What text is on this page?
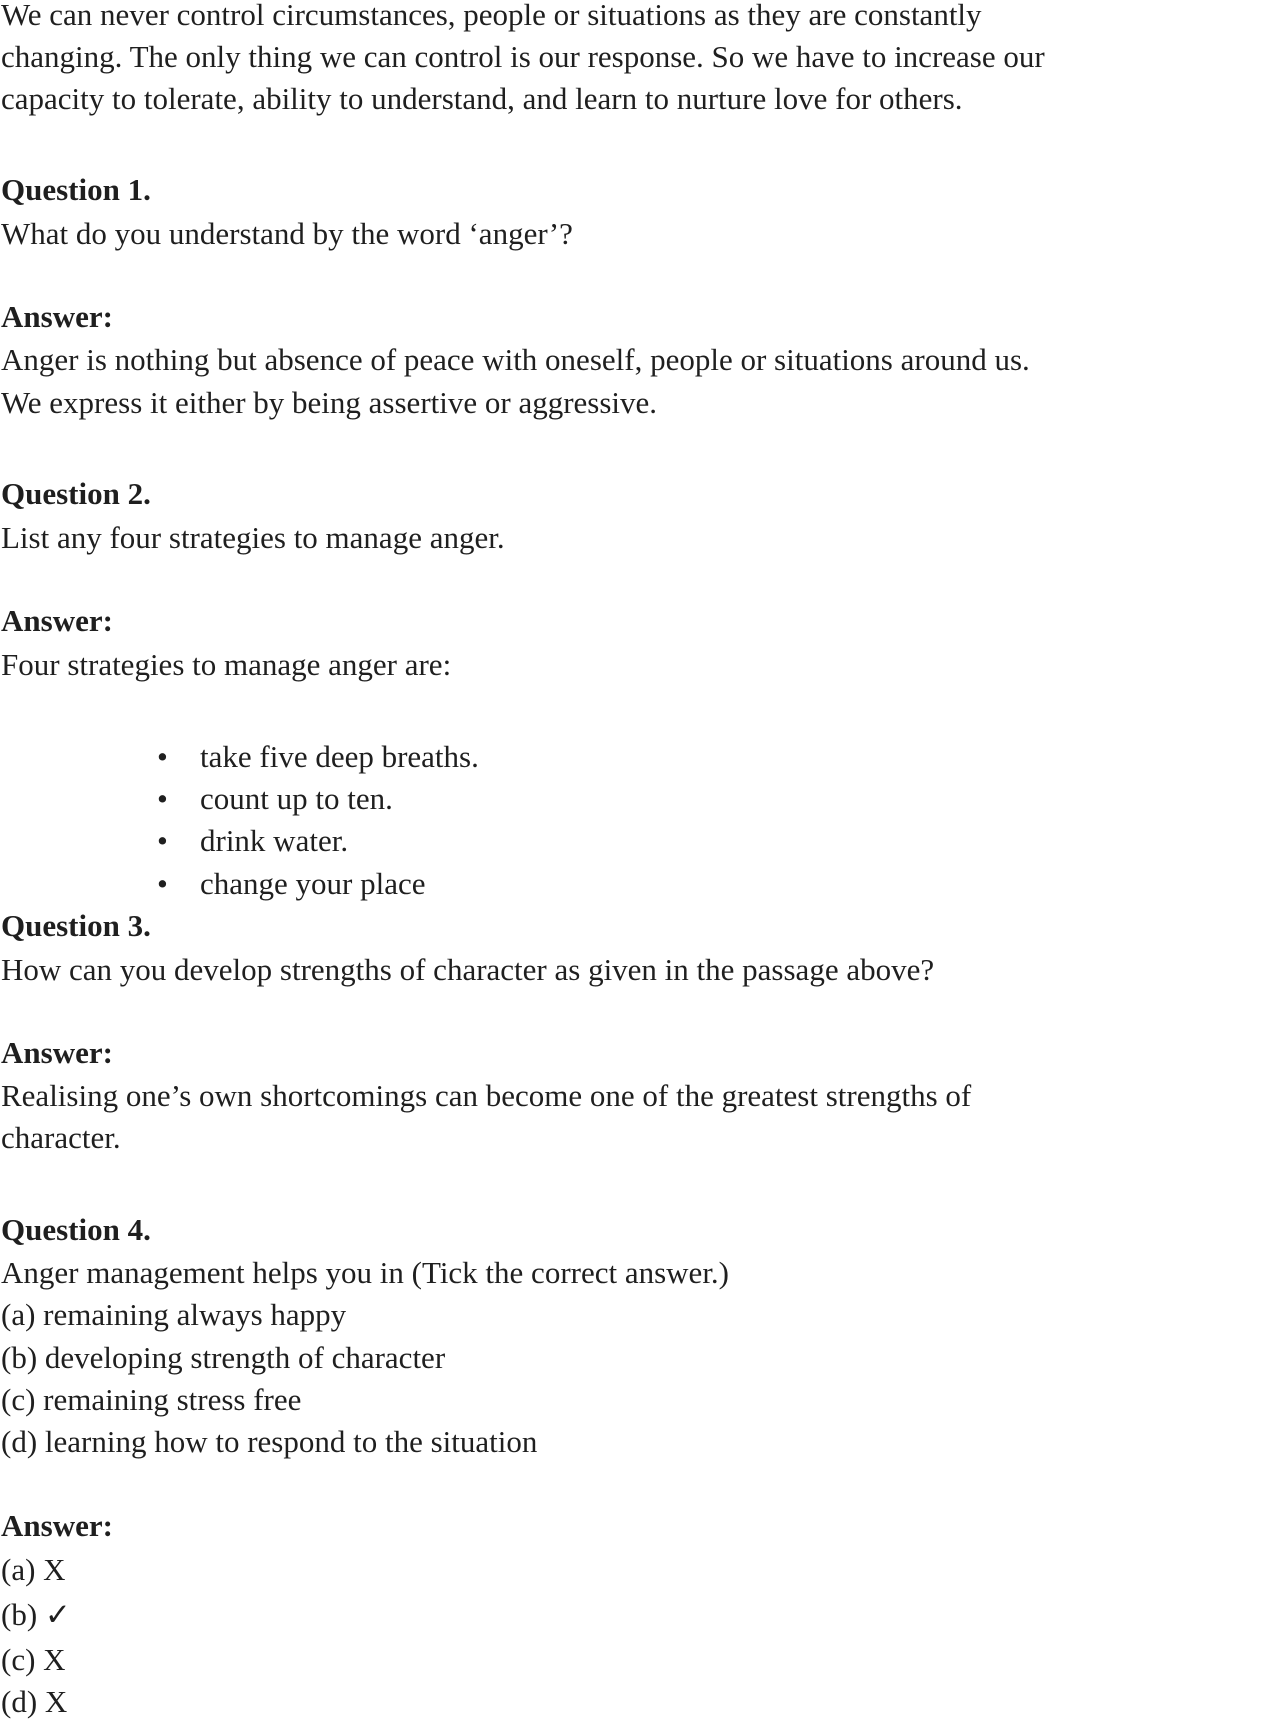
We can never control circumstances, people or situations as they are constantly
changing. The only thing we can control is our response. So we have to increase our
capacity to tolerate, ability to understand, and learn to nurture love for others.
Question 1.
What do you understand by the word ‘anger’?
Answer:
Anger is nothing but absence of peace with oneself, people or situations around us.
We express it either by being assertive or aggressive.
Question 2.
List any four strategies to manage anger.
Answer:
Four strategies to manage anger are:
• take five deep breaths.
• count up to ten.
• drink water.
• change your place
Question 3.
How can you develop strengths of character as given in the passage above?
Answer:
Realising one’s own shortcomings can become one of the greatest strengths of
character.
Question 4.
Anger management helps you in (Tick the correct answer.)
(a) remaining always happy
(b) developing strength of character
(c) remaining stress free
(d) learning how to respond to the situation
Answer:
(a) X
(b) ✓
(c) X
(d) X
